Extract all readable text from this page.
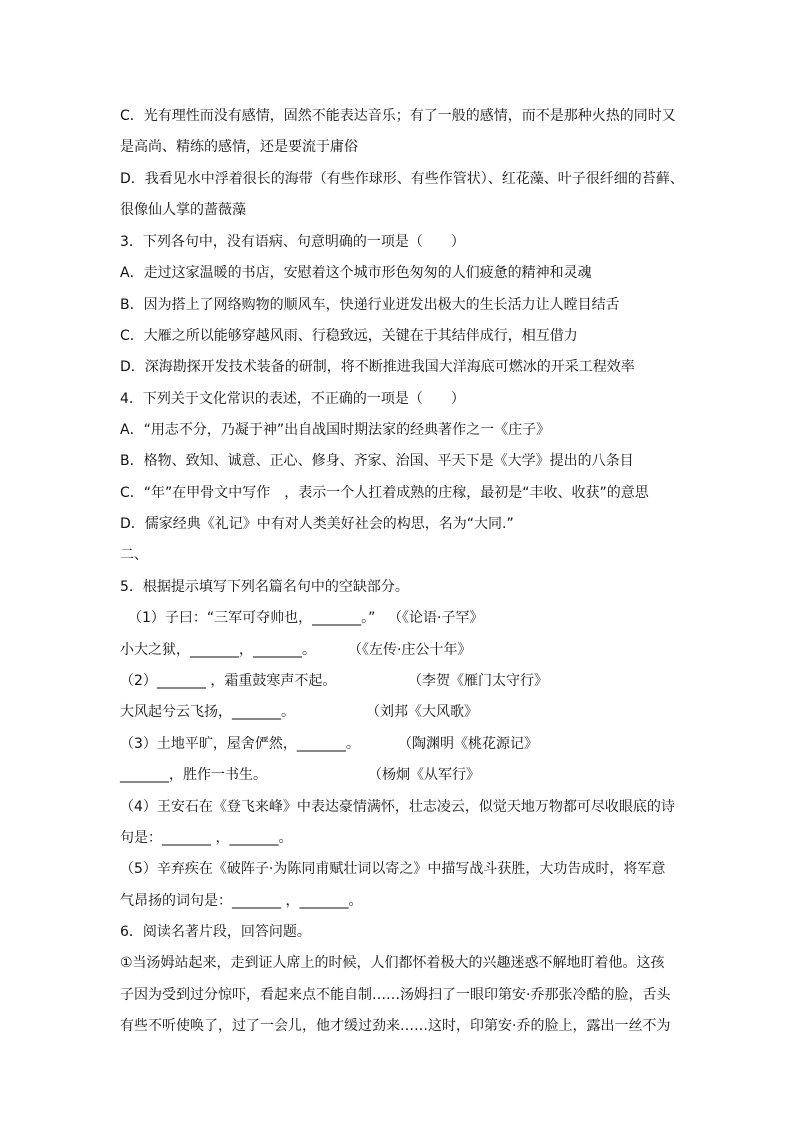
C．光有理性而没有感情，固然不能表达音乐；有了一般的感情，而不是那种火热的同时又
是高尚、精练的感情，还是要流于庸俗
D．我看见水中浮着很长的海带（有些作球形、有些作管状）、红花藻、叶子很纤细的苔藓、
很像仙人掌的蔷薇藻
3．下列各句中，没有语病、句意明确的一项是（　　）
A．走过这家温暖的书店，安慰着这个城市形色匆匆的人们疲惫的精神和灵魂
B．因为搭上了网络购物的顺风车，快递行业迸发出极大的生长活力让人瞠目结舌
C．大雁之所以能够穿越风雨、行稳致远，关键在于其结伴成行，相互借力
D．深海勘探开发技术装备的研制，将不断推进我国大洋海底可燃冰的开采工程效率
4．下列关于文化常识的表述，不正确的一项是（　　）
A．“用志不分，乃凝于神”出自战国时期法家的经典著作之一《庄子》
B．格物、致知、诚意、正心、修身、齐家、治国、平天下是《大学》提出的八条目
C．“年”在甲骨文中写作　，表示一个人扛着成熟的庄稼，最初是“丰收、收获”的意思
D．儒家经典《礼记》中有对人类美好社会的构思，名为“大同.”
二、
5．根据提示填写下列名篇名句中的空缺部分。
（1）子曰：“三军可夺帅也，_______。” （《论语·子罕》
小大之狱，_______，_______。	（《左传·庄公十年》
（2）_______ ，霜重鼓寒声不起。	（李贺《雁门太守行》
大风起兮云飞扬，_______。	（刘邦《大风歌》
（3）土地平旷，屋舍俨然，_______。	（陶渊明《桃花源记》
_______，胜作一书生。	（杨炯《从军行》
（4）王安石在《登飞来峰》中表达豪情满怀，壮志凌云，似觉天地万物都可尽收眼底的诗
句是：_______ ，_______。
（5）辛弃疾在《破阵子·为陈同甫赋壮词以寄之》中描写战斗获胜，大功告成时，将军意
气昂扬的词句是：_______ ，_______。
6．阅读名著片段，回答问题。
①当汤姆站起来，走到证人席上的时候，人们都怀着极大的兴趣迷惑不解地盯着他。这孩
子因为受到过分惊吓，看起来点不能自制……汤姆扫了一眼印第安·乔那张冷酷的脸，舌头
有些不听使唤了，过了一会儿，他才缓过劲来……这时，印第安·乔的脸上，露出一丝不为
